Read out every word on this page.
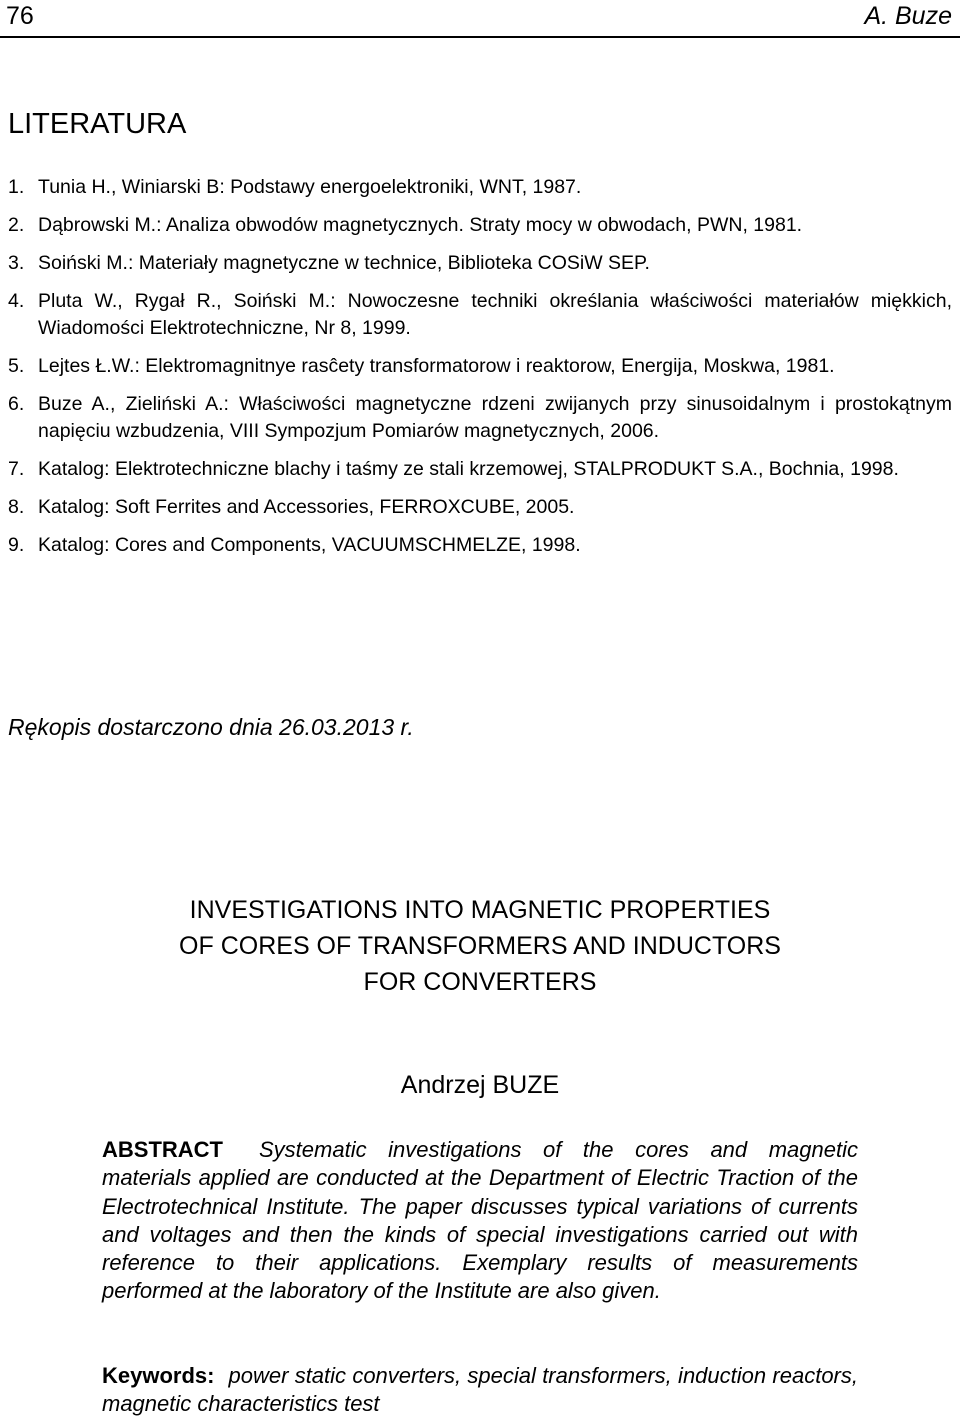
76	A. Buze
LITERATURA
1. Tunia H., Winiarski B: Podstawy energoelektroniki, WNT, 1987.
2. Dąbrowski M.: Analiza obwodów magnetycznych. Straty mocy w obwodach, PWN, 1981.
3. Soiński M.: Materiały magnetyczne w technice, Biblioteka COSiW SEP.
4. Pluta W., Rygał R., Soiński M.: Nowoczesne techniki określania właściwości materiałów miękkich, Wiadomości Elektrotechniczne, Nr 8, 1999.
5. Lejtes Ł.W.: Elektromagnitnye rasĉety transformatorow i reaktorow, Energija, Moskwa, 1981.
6. Buze A., Zieliński A.: Właściwości magnetyczne rdzeni zwijanych przy sinusoidalnym i prostokątnym napięciu wzbudzenia, VIII Sympozjum Pomiarów magnetycznych, 2006.
7. Katalog: Elektrotechniczne blachy i taśmy ze stali krzemowej, STALPRODUKT S.A., Bochnia, 1998.
8. Katalog: Soft Ferrites and Accessories, FERROXCUBE, 2005.
9. Katalog: Cores and Components, VACUUMSCHMELZE, 1998.
Rękopis dostarczono dnia 26.03.2013 r.
INVESTIGATIONS INTO MAGNETIC PROPERTIES
OF CORES OF TRANSFORMERS AND INDUCTORS
FOR CONVERTERS
Andrzej BUZE

ABSTRACT Systematic investigations of the cores and magnetic materials applied are conducted at the Department of Electric Traction of the Electrotechnical Institute. The paper discusses typical variations of currents and voltages and then the kinds of special investigations carried out with reference to their applications. Exemplary results of measurements performed at the laboratory of the Institute are also given.

Keywords: power static converters, special transformers, induction reactors, magnetic characteristics test
